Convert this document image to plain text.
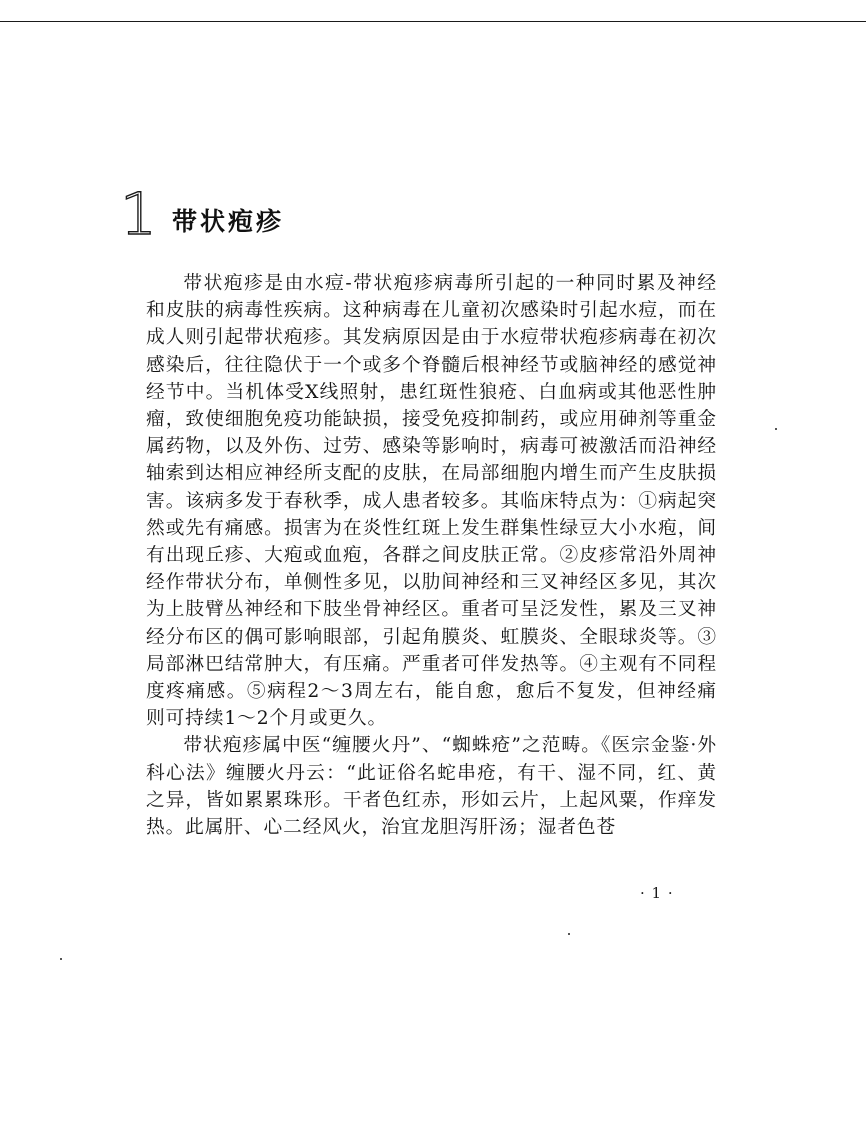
1 带状疱疹

带状疱疹是由水痘-带状疱疹病毒所引起的一种同时累及神经和皮肤的病毒性疾病。这种病毒在儿童初次感染时引起水痘，而在成人则引起带状疱疹。其发病原因是由于水痘带状疱疹病毒在初次感染后，往往隐伏于一个或多个脊髓后根神经节或脑神经的感觉神经节中。当机体受X线照射，患红斑性狼疮、白血病或其他恶性肿瘤，致使细胞免疫功能缺损，接受免疫抑制药，或应用砷剂等重金属药物，以及外伤、过劳、感染等影响时，病毒可被激活而沿神经轴索到达相应神经所支配的皮肤，在局部细胞内增生而产生皮肤损害。该病多发于春秋季，成人患者较多。其临床特点为：①病起突然或先有痛感。损害为在炎性红斑上发生群集性绿豆大小水疱，间有出现丘疹、大疱或血疱，各群之间皮肤正常。②皮疹常沿外周神经作带状分布，单侧性多见，以肋间神经和三叉神经区多见，其次为上肢臂丛神经和下肢坐骨神经区。重者可呈泛发性，累及三叉神经分布区的偶可影响眼部，引起角膜炎、虹膜炎、全眼球炎等。③局部淋巴结常肿大，有压痛。严重者可伴发热等。④主观有不同程度疼痛感。⑤病程2～3周左右，能自愈，愈后不复发，但神经痛则可持续1～2个月或更久。

带状疱疹属中医“缠腰火丹”、“蜘蛛疮”之范畴。《医宗金鉴·外科心法》缠腰火丹云：“此证俗名蛇串疮，有干、湿不同，红、黄之异，皆如累累珠形。干者色红赤，形如云片，上起风粟，作痒发热。此属肝、心二经风火，治宜龙胆泻肝汤；湿者色苍

· 1 ·
